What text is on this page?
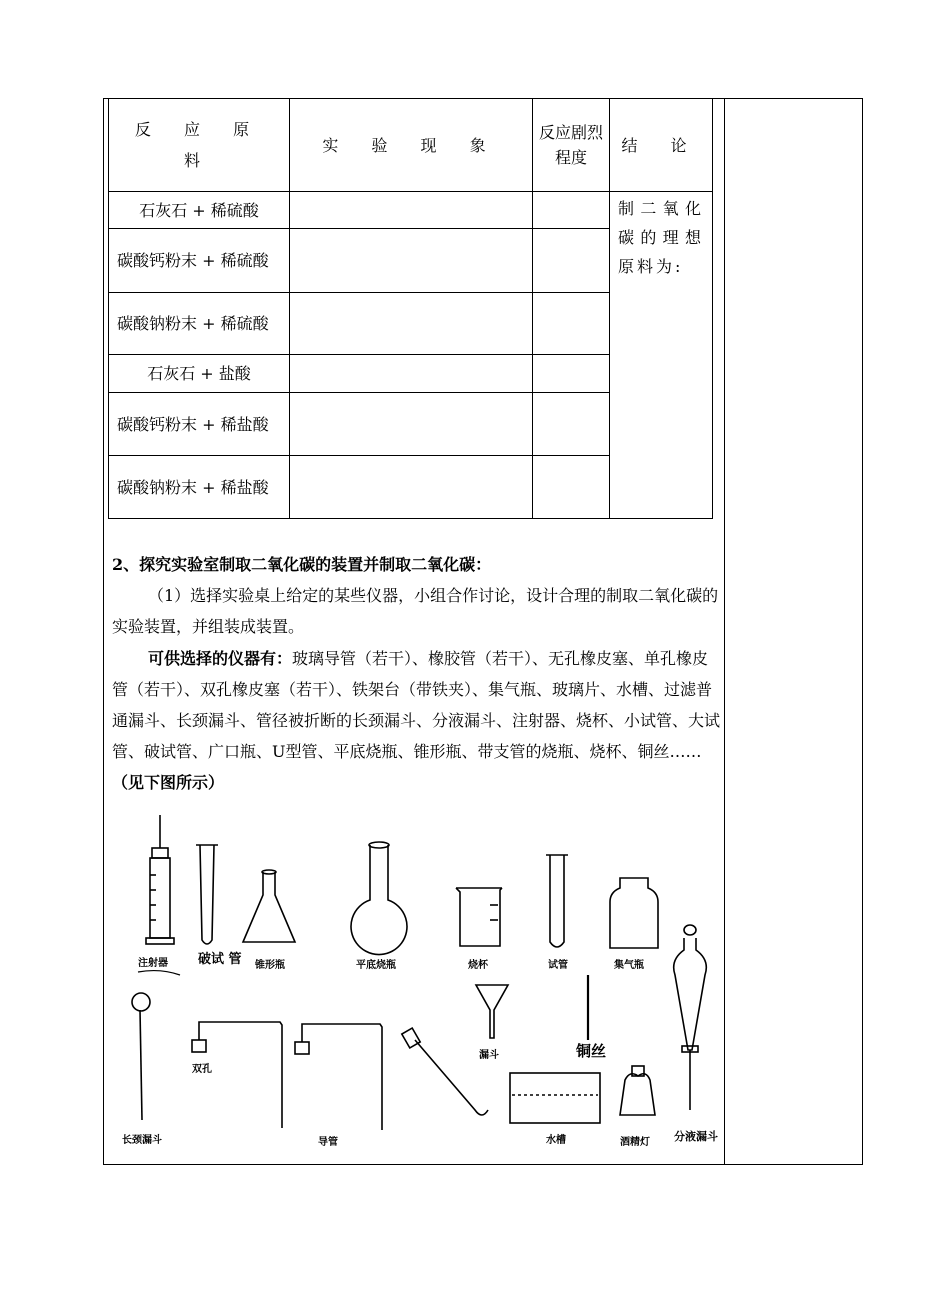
反 应 原 料	实 验 现 象	反应剧烈程度	结 论
石灰石 + 稀硫酸			制二氧化碳的理想原料为:
碳酸钙粉末 + 稀硫酸			
碳酸钠粉末 + 稀硫酸			
石灰石 + 盐酸			
碳酸钙粉末 + 稀盐酸			
碳酸钠粉末 + 稀盐酸			
2、探究实验室制取二氧化碳的装置并制取二氧化碳：
（1）选择实验桌上给定的某些仪器，小组合作讨论，设计合理的制取二氧化碳的实验装置，并组装成装置。
可供选择的仪器有：玻璃导管（若干）、橡胶管（若干）、无孔橡皮塞、单孔橡皮管（若干）、双孔橡皮塞（若干）、铁架台（带铁夹）、集气瓶、玻璃片、水槽、过滤普通漏斗、长颈漏斗、管径被折断的长颈漏斗、分液漏斗、注射器、烧杯、小试管、大试管、破试管、广口瓶、U型管、平底烧瓶、锥形瓶、带支管的烧瓶、烧杯、铜丝……（见下图所示）
注射器 破试 管 锥形瓶	平底烧瓶	烧杯	试管	集气瓶
双孔
漏斗	铜丝
长颈漏斗	导管	水槽	酒精灯 分液漏斗
